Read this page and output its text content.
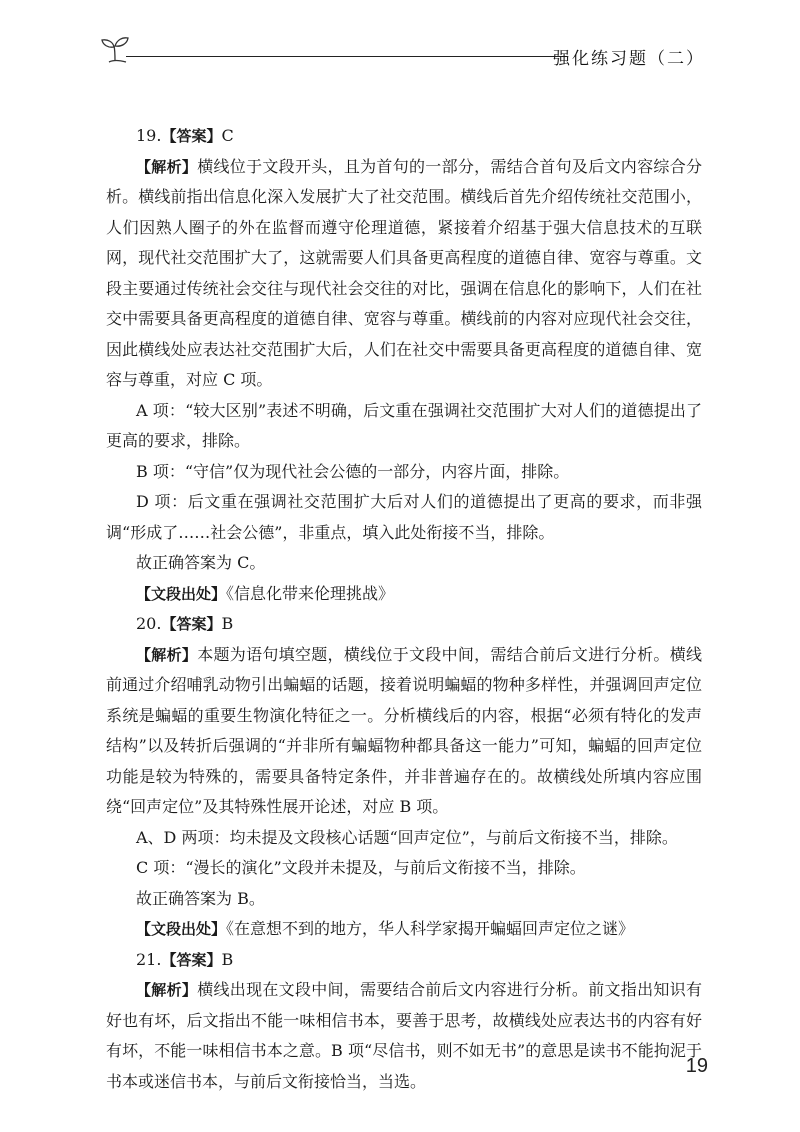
强化练习题（二）

19.【答案】C

【解析】横线位于文段开头，且为首句的一部分，需结合首句及后文内容综合分析。横线前指出信息化深入发展扩大了社交范围。横线后首先介绍传统社交范围小，人们因熟人圈子的外在监督而遵守伦理道德，紧接着介绍基于强大信息技术的互联网，现代社交范围扩大了，这就需要人们具备更高程度的道德自律、宽容与尊重。文段主要通过传统社会交往与现代社会交往的对比，强调在信息化的影响下，人们在社交中需要具备更高程度的道德自律、宽容与尊重。横线前的内容对应现代社会交往，因此横线处应表达社交范围扩大后，人们在社交中需要具备更高程度的道德自律、宽容与尊重，对应 C 项。

A 项：“较大区别”表述不明确，后文重在强调社交范围扩大对人们的道德提出了更高的要求，排除。

B 项：“守信”仅为现代社会公德的一部分，内容片面，排除。

D 项：后文重在强调社交范围扩大后对人们的道德提出了更高的要求，而非强调“形成了……社会公德”，非重点，填入此处衔接不当，排除。

故正确答案为 C。

【文段出处】《信息化带来伦理挑战》

20.【答案】B

【解析】本题为语句填空题，横线位于文段中间，需结合前后文进行分析。横线前通过介绍哺乳动物引出蝙蝠的话题，接着说明蝙蝠的物种多样性，并强调回声定位系统是蝙蝠的重要生物演化特征之一。分析横线后的内容，根据“必须有特化的发声结构”以及转折后强调的“并非所有蝙蝠物种都具备这一能力”可知，蝙蝠的回声定位功能是较为特殊的，需要具备特定条件，并非普遍存在的。故横线处所填内容应围绕“回声定位”及其特殊性展开论述，对应 B 项。

A、D 两项：均未提及文段核心话题“回声定位”，与前后文衔接不当，排除。

C 项：“漫长的演化”文段并未提及，与前后文衔接不当，排除。

故正确答案为 B。

【文段出处】《在意想不到的地方，华人科学家揭开蝙蝠回声定位之谜》

21.【答案】B

【解析】横线出现在文段中间，需要结合前后文内容进行分析。前文指出知识有好也有坏，后文指出不能一味相信书本，要善于思考，故横线处应表达书的内容有好有坏，不能一味相信书本之意。B 项“尽信书，则不如无书”的意思是读书不能拘泥于书本或迷信书本，与前后文衔接恰当，当选。

19
